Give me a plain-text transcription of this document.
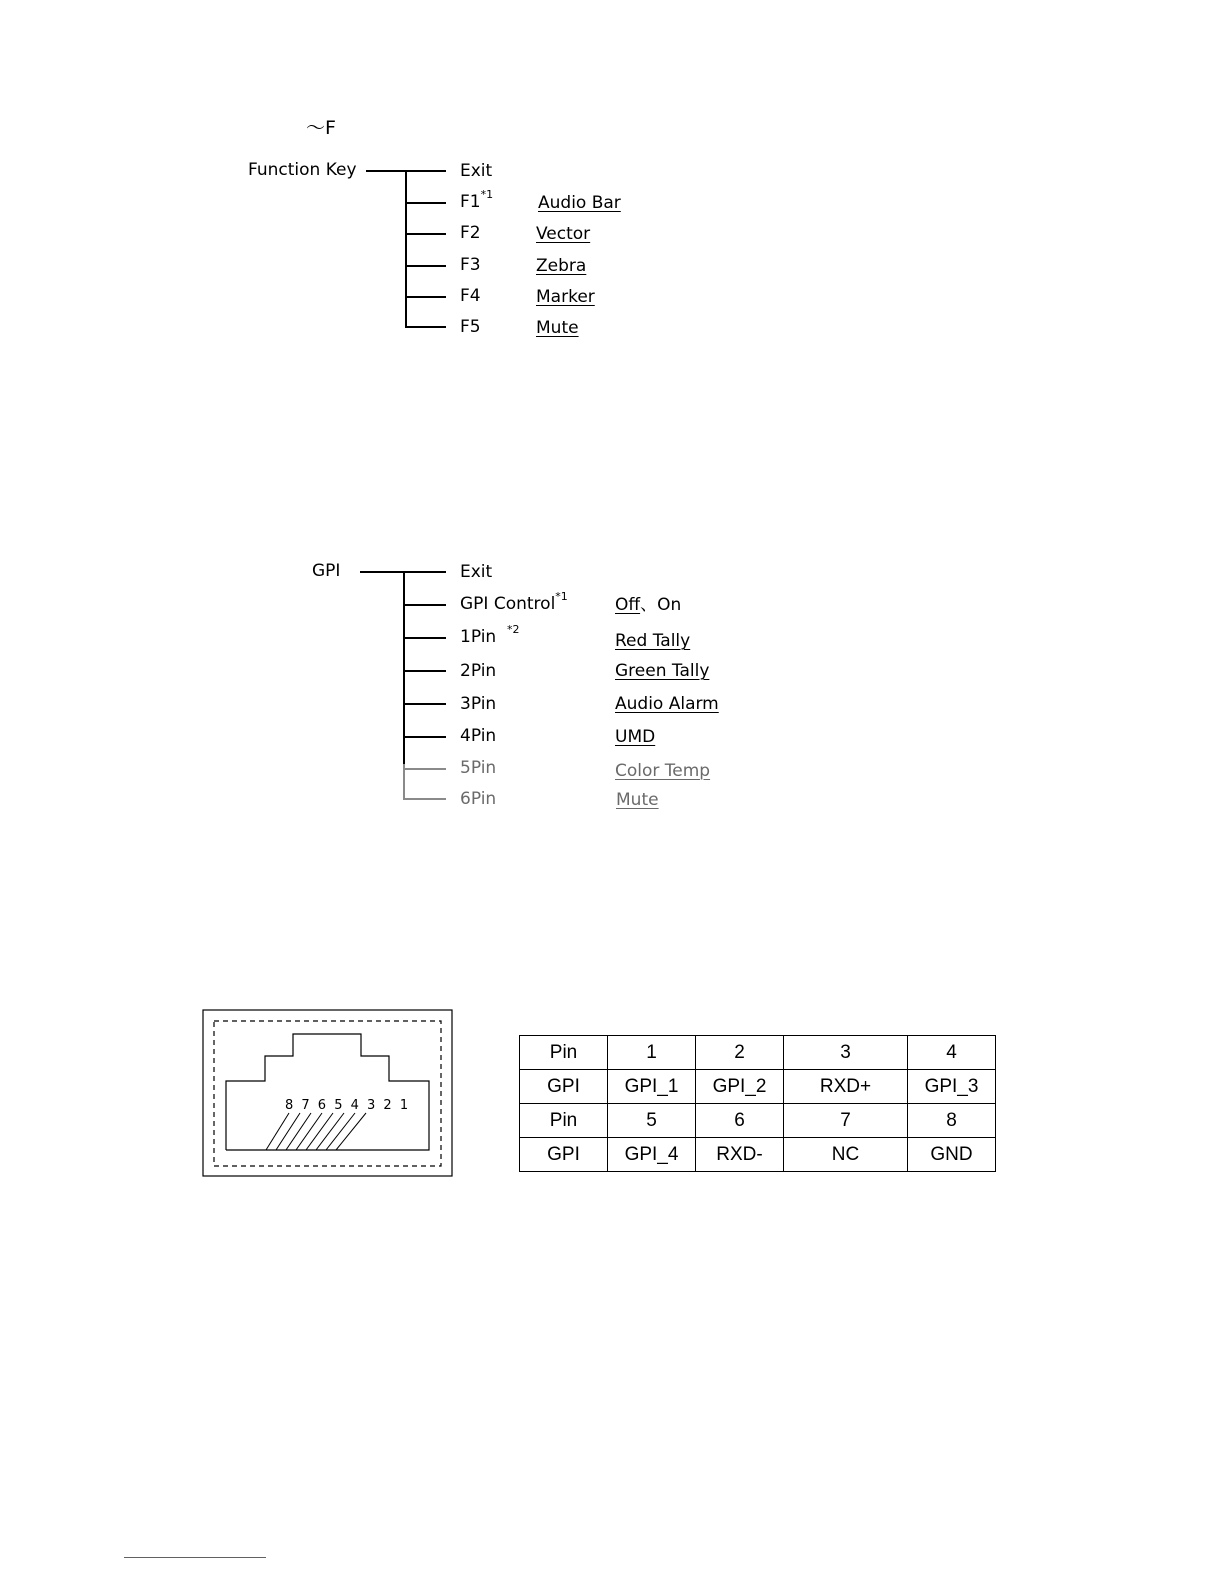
～F
Function Key	Exit
F1$^{*1}$	Audio Bar
F2	Vector
F3	Zebra
F4	Marker
F5	Mute
GPI	Exit
GPI Control$^{*1}$	Off、On
1Pin $^{*2}$
Red Tally
2Pin	Green Tally
3Pin	Audio Alarm
4Pin	UMD
5Pin	Color Temp
6Pin	Mute
8 7 6 5 4 3 2 1
Pin	1	2	3	4
GPI	GPI_1	GPI_2	RXD+	GPI_3
Pin	5	6	7	8
GPI	GPI_4	RXD-	NC	GND
